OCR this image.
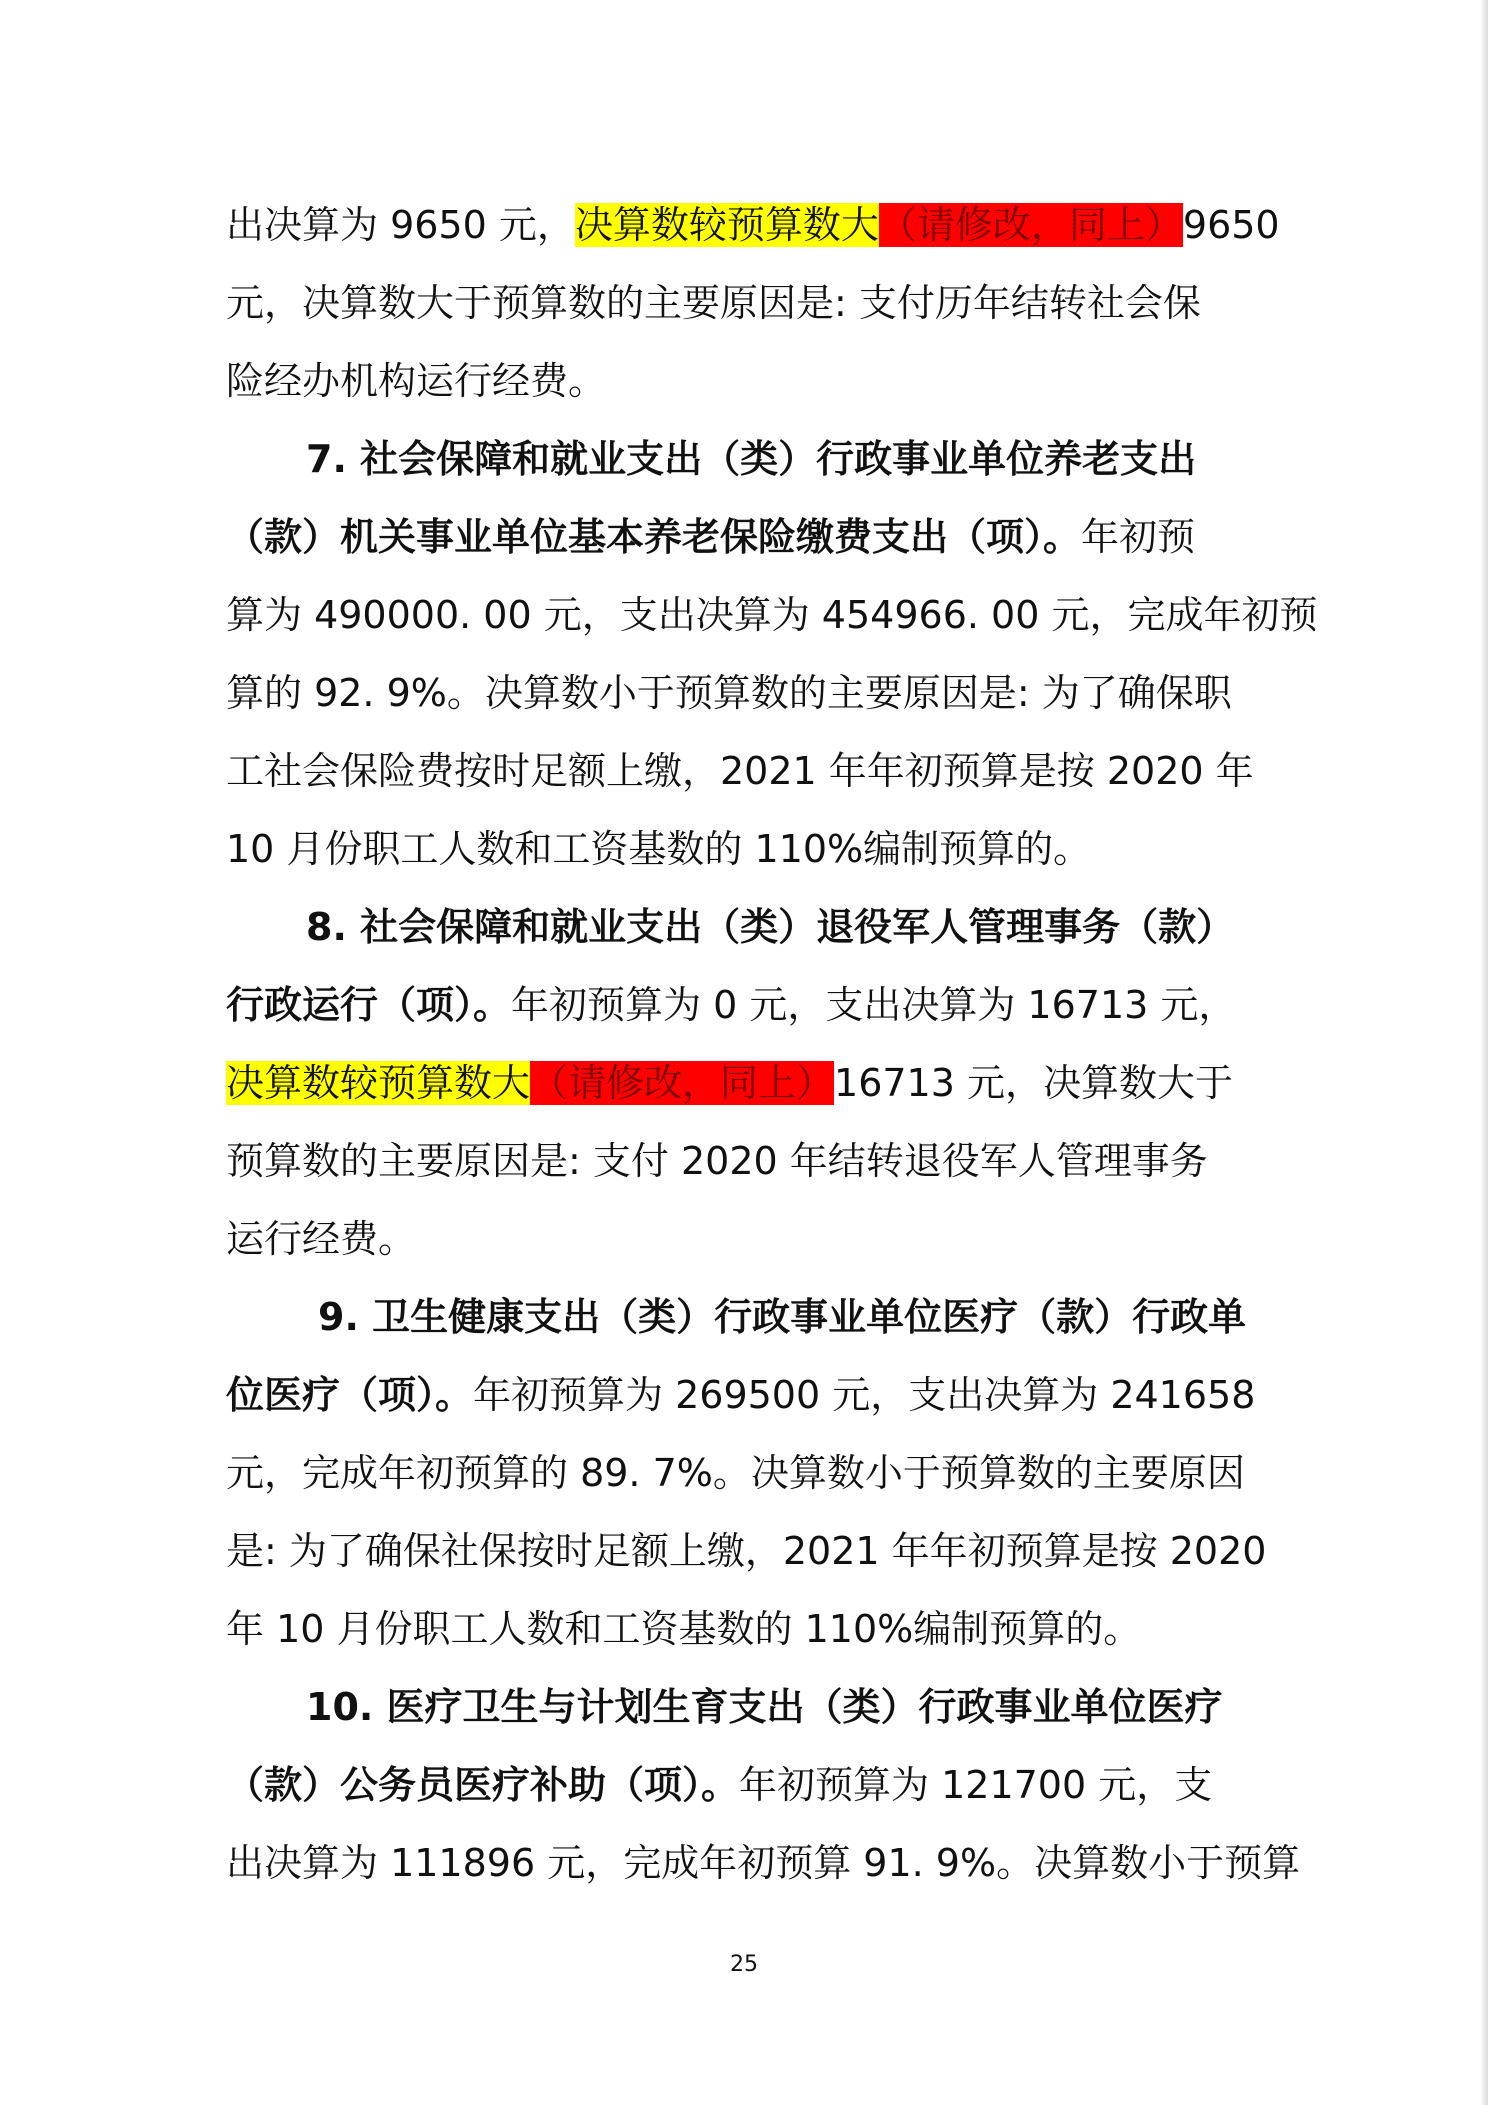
出决算为 9650 元，决算数较预算数大（请修改，同上）9650
元，决算数大于预算数的主要原因是: 支付历年结转社会保
险经办机构运行经费。
7. 社会保障和就业支出（类）行政事业单位养老支出
（款）机关事业单位基本养老保险缴费支出（项）。年初预
算为 490000. 00 元，支出决算为 454966. 00 元，完成年初预
算的 92. 9%。决算数小于预算数的主要原因是: 为了确保职
工社会保险费按时足额上缴，2021 年年初预算是按 2020 年
10 月份职工人数和工资基数的 110%编制预算的。
8. 社会保障和就业支出（类）退役军人管理事务（款）
行政运行（项）。年初预算为 0 元，支出决算为 16713 元，
决算数较预算数大（请修改，同上）16713 元，决算数大于
预算数的主要原因是: 支付 2020 年结转退役军人管理事务
运行经费。
9. 卫生健康支出（类）行政事业单位医疗（款）行政单
位医疗（项）。年初预算为 269500 元，支出决算为 241658
元，完成年初预算的 89. 7%。决算数小于预算数的主要原因
是: 为了确保社保按时足额上缴，2021 年年初预算是按 2020
年 10 月份职工人数和工资基数的 110%编制预算的。
10. 医疗卫生与计划生育支出（类）行政事业单位医疗
（款）公务员医疗补助（项）。年初预算为 121700 元，支
出决算为 111896 元，完成年初预算 91. 9%。决算数小于预算
25
